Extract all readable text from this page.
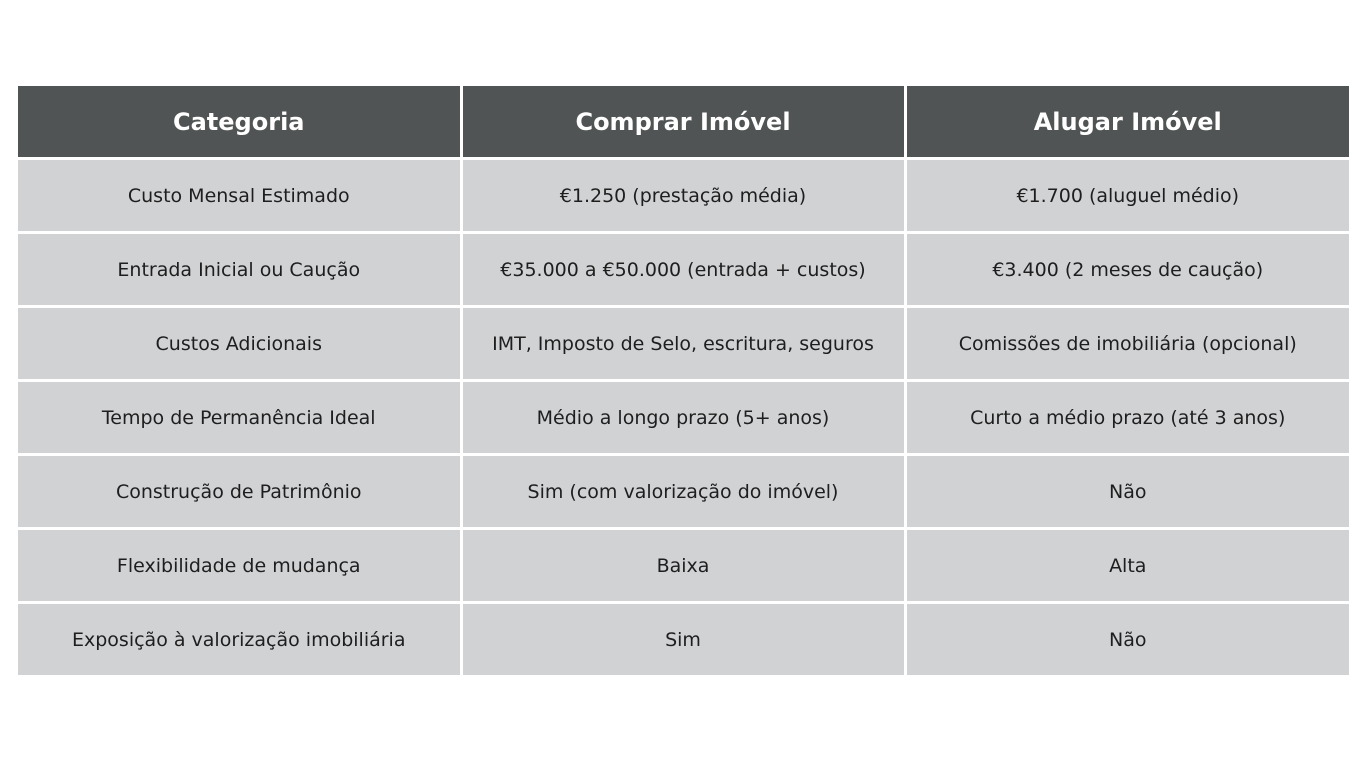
Categoria	Comprar Imóvel	Alugar Imóvel
Custo Mensal Estimado	€1.250 (prestação média)	€1.700 (aluguel médio)
Entrada Inicial ou Caução	€35.000 a €50.000 (entrada + custos)	€3.400 (2 meses de caução)
Custos Adicionais	IMT, Imposto de Selo, escritura, seguros	Comissões de imobiliária (opcional)
Tempo de Permanência Ideal	Médio a longo prazo (5+ anos)	Curto a médio prazo (até 3 anos)
Construção de Patrimônio	Sim (com valorização do imóvel)	Não
Flexibilidade de mudança	Baixa	Alta
Exposição à valorização imobiliária	Sim	Não
